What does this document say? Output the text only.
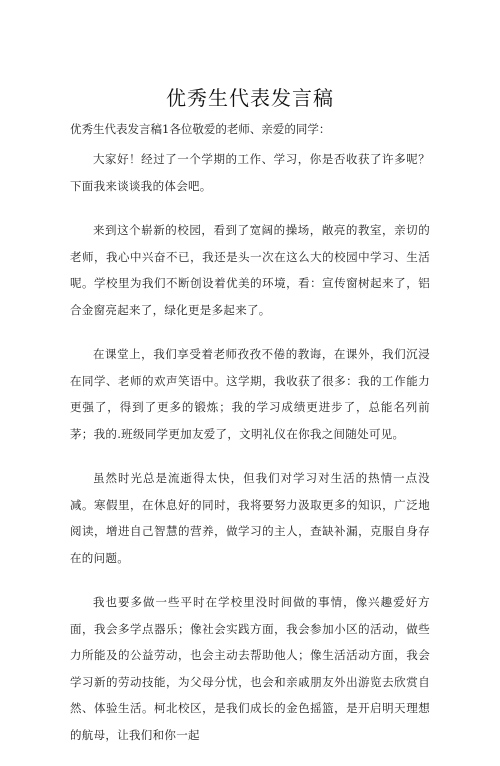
优秀生代表发言稿

优秀生代表发言稿1各位敬爱的老师、亲爱的同学：

大家好！经过了一个学期的工作、学习，你是否收获了许多呢？下面我来谈谈我的体会吧。

来到这个崭新的校园，看到了宽阔的操场，敞亮的教室，亲切的老师，我心中兴奋不已，我还是头一次在这么大的校园中学习、生活呢。学校里为我们不断创设着优美的环境，看：宣传窗树起来了，铝合金窗亮起来了，绿化更是多起来了。

在课堂上，我们享受着老师孜孜不倦的教诲，在课外，我们沉浸在同学、老师的欢声笑语中。这学期，我收获了很多：我的工作能力更强了，得到了更多的锻炼；我的学习成绩更进步了，总能名列前茅；我的.班级同学更加友爱了，文明礼仪在你我之间随处可见。

虽然时光总是流逝得太快，但我们对学习对生活的热情一点没减。寒假里，在休息好的同时，我将要努力汲取更多的知识，广泛地阅读，增进自己智慧的营养，做学习的主人，查缺补漏，克服自身存在的问题。

我也要多做一些平时在学校里没时间做的事情，像兴趣爱好方面，我会多学点器乐；像社会实践方面，我会参加小区的活动，做些力所能及的公益劳动，也会主动去帮助他人；像生活活动方面，我会学习新的劳动技能，为父母分忧，也会和亲戚朋友外出游览去欣赏自然、体验生活。柯北校区，是我们成长的金色摇篮，是开启明天理想的航母，让我们和你一起
